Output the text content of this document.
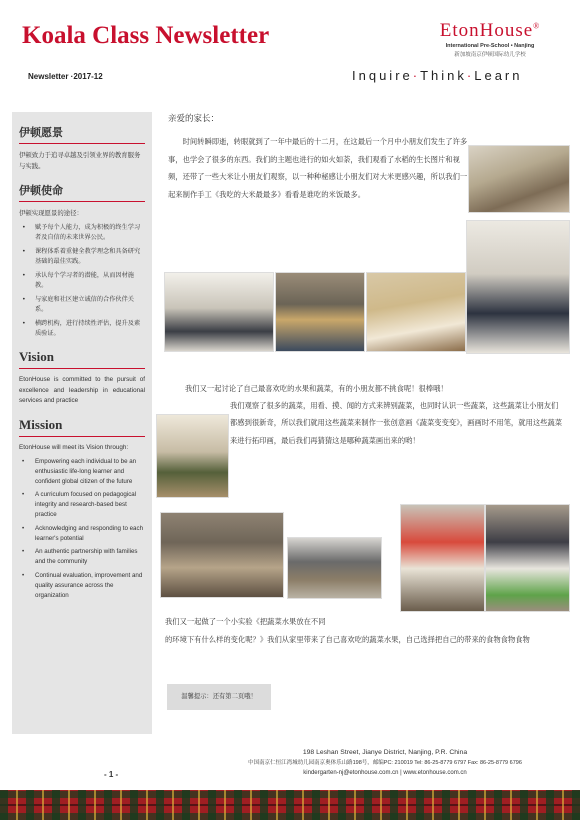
Koala Class Newsletter	EtonHouse®
International Pre-School • Nanjing
新加坡南京伊顿国际幼儿学校
Newsletter ·2017-12	Inquire·Think·Learn
伊顿愿景
伊顿致力于追寻卓越及引领业界的教育服务与实践。
伊顿使命
伊顿实现愿景的途径：
• 赋予每个人能力，成为积极的终生学习者及自信的未来世界公民。
• 课程体系着重健全教学理念和具备研究基础的最佳实践。
• 承认每个学习者的潜能，从而因材施教。
• 与家庭和社区建立诚信的合作伙伴关系。
• 横跨机构，进行持续性评估，提升及素质验证。
Vision
EtonHouse is committed to the pursuit of excellence and leadership in educational services and practice
Mission
EtonHouse will meet its Vision through:
• Empowering each individual to be an enthusiastic life-long learner and confident global citizen of the future
• A curriculum focused on pedagogical integrity and research-based best practice
• Acknowledging and responding to each learner's potential
• An authentic partnership with families and the community
• Continual evaluation, improvement and quality assurance across the organization
亲爱的家长：
时间转瞬即逝，转眼就到了一年中最后的十二月，在这最后一个月中小朋友们发生了许多事，也学会了很多的东西。我们的主题也进行的如火如荼，我们观看了水稻的生长图片和视频，还带了一些大米让小朋友们观察，以一种种秘感让小朋友们对大米更感兴趣，所以我们一起来制作手工《我吃的大米最最多》看看是谁吃的米饭最多。
我们又一起讨论了自己最喜欢吃的水果和蔬菜，有的小朋友都不挑食呢！很棒哦！
我们观察了很多的蔬菜，用看、摸、闻的方式来辨别蔬菜，也同时认识一些蔬菜，这些蔬菜让小朋友们都感到很新奇，所以我们就用这些蔬菜来制作一张创意画《蔬菜变变变》，画画时不用笔，就用这些蔬菜来进行拓印画，最后我们再猜猜这是哪种蔬菜画出来的哟！
我们又一起做了一个小实验《把蔬菜水果放在不同
的环境下有什么样的变化呢？》我们从家里带来了自己喜欢吃的蔬菜水果，自己选择把自己的带来的食物食物食物
温馨提示：还有第二页哦！
198 Leshan Street, Jianye District, Nanjing, P.R. China
中国南京仁恒江湾城幼儿园南京奥体乐山路198号，邮编PC: 210019 Tel: 86-25-8779 6797 Fax: 86-25-8779 6796
kindergarten-nj@etonhouse.com.cn | www.etonhouse.com.cn
- 1 -
